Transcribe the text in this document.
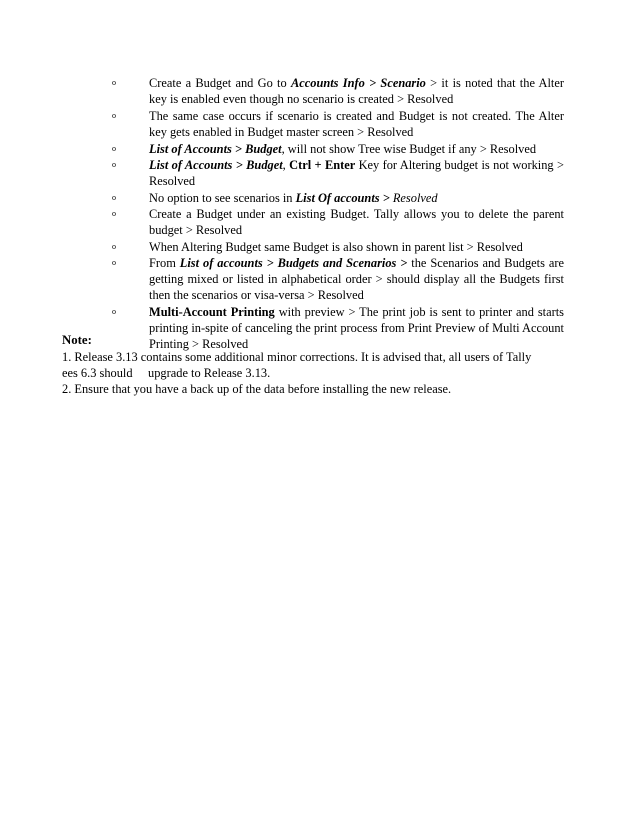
o	Create a Budget and Go to Accounts Info > Scenario > it is noted that the Alter key is enabled even though no scenario is created > Resolved
o	The same case occurs if scenario is created and Budget is not created. The Alter key gets enabled in Budget master screen > Resolved
o	List of Accounts > Budget, will not show Tree wise Budget if any > Resolved
o	List of Accounts > Budget, Ctrl + Enter Key for Altering budget is not working > Resolved
o	No option to see scenarios in List Of accounts > Resolved
o	Create a Budget under an existing Budget. Tally allows you to delete the parent budget > Resolved
o	When Altering Budget same Budget is also shown in parent list > Resolved
o	From List of accounts > Budgets and Scenarios > the Scenarios and Budgets are getting mixed or listed in alphabetical order > should display all the Budgets first then the scenarios or visa-versa > Resolved
o	Multi-Account Printing with preview > The print job is sent to printer and starts printing in-spite of canceling the print process from Print Preview of Multi Account Printing > Resolved
Note:
1. Release 3.13 contains some additional minor corrections. It is advised that, all users of Tally
ees 6.3 should     upgrade to Release 3.13.
2. Ensure that you have a back up of the data before installing the new release.
